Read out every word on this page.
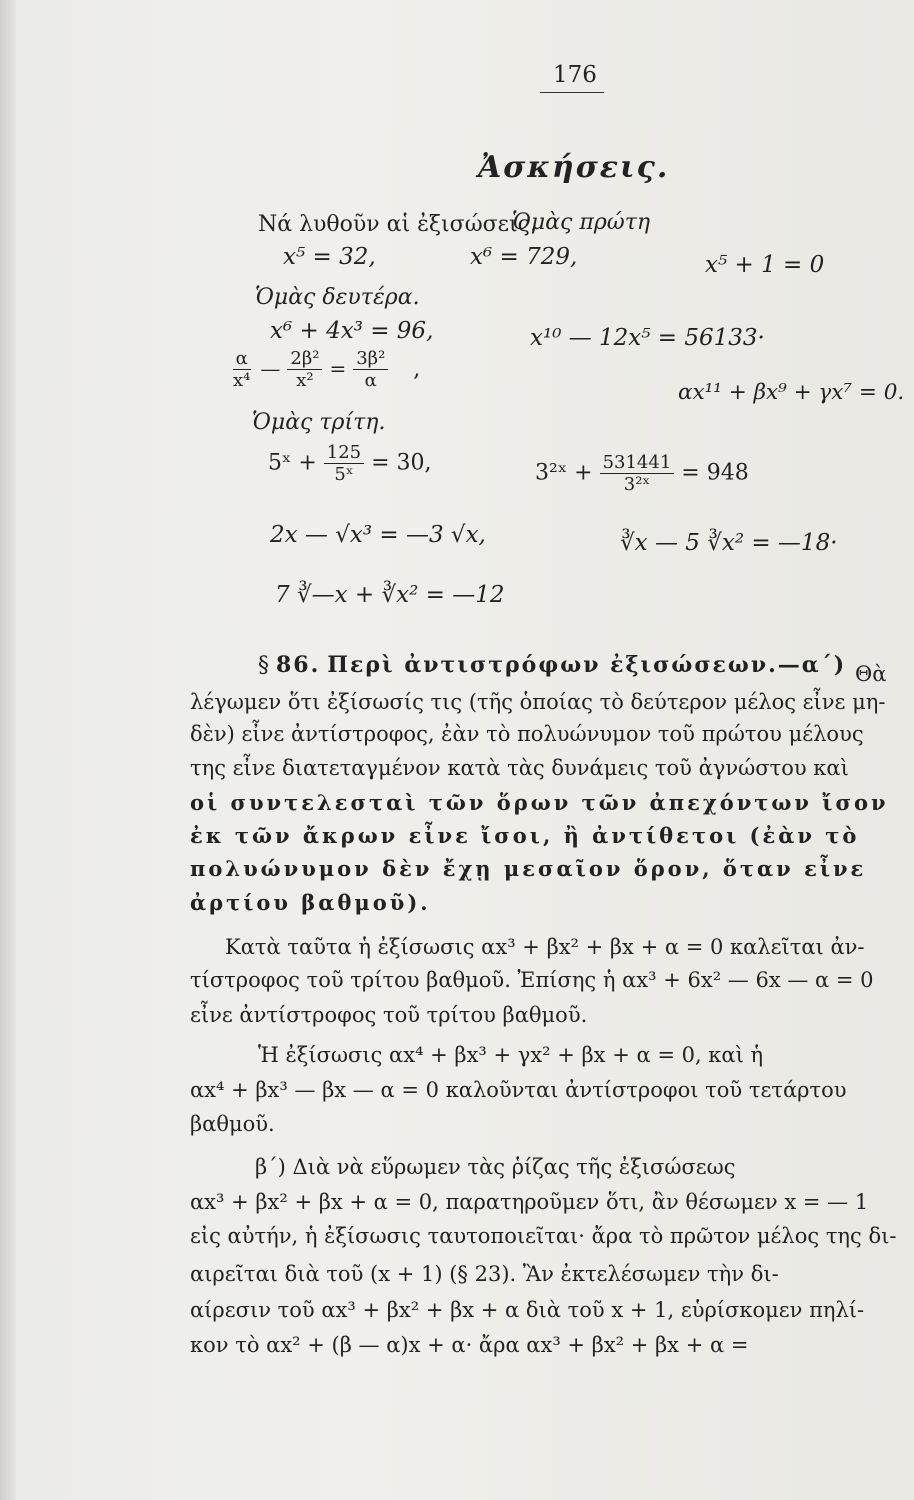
176
Ἀσκήσεις.
Νά λυθοῦν αἱ ἐξισώσεις.
Ὁμὰς πρώτη
x⁵ = 32,	x⁶ = 729,	x⁵ + 1 = 0
Ὁμὰς δευτέρα.
x⁶ + 4x³ = 96,	x¹⁰ — 12x⁵ = 56133·
$\frac{\alpha}{\text{x⁴}}$ — $\frac{\text{2β²}}{\text{x²}} = \frac{\text{3β²}}{\alpha}$ ,
αx¹¹ + βx⁹ + γx⁷ = 0.
Ὁμὰς τρίτη.
5ˣ + $\frac{125}{\text{5ˣ}} = 30$,	3²ˣ + $\frac{531441}{\text{3²ˣ}} = 948$
2x — √x³ = —3 √x,	∛x — 5 ∛x² = —18·
7 ∛—x + ∛x² = —12
§ 86. Περὶ ἀντιστρόφων ἐξισώσεων.—α΄) Θὰ
λέγωμεν ὅτι ἐξίσωσίς τις (τῆς ὁποίας τὸ δεύτερον μέλος εἶνε μη-
δὲν) εἶνε ἀντίστροφος, ἐὰν τὸ πολυώνυμον τοῦ πρώτου μέλους
της εἶνε διατεταγμένον κατὰ τὰς δυνάμεις τοῦ ἀγνώστου καὶ
οἱ συντελεσταὶ τῶν ὅρων τῶν ἀπεχόντων ἴσον
ἐκ τῶν ἄκρων εἶνε ἴσοι, ἢ ἀντίθετοι (ἐὰν τὸ
πολυώνυμον δὲν ἔχῃ μεσαῖον ὅρον, ὅταν εἶνε
ἀρτίου βαθμοῦ).
Κατὰ ταῦτα ἡ ἐξίσωσις αx³ + βx² + βx + α = 0 καλεῖται ἀν-
τίστροφος τοῦ τρίτου βαθμοῦ. Ἐπίσης ἡ αx³ + 6x² — 6x — α = 0
εἶνε ἀντίστροφος τοῦ τρίτου βαθμοῦ.
Ἡ ἐξίσωσις αx⁴ + βx³ + γx² + βx + α = 0, καὶ ἡ
αx⁴ + βx³ — βx — α = 0 καλοῦνται ἀντίστροφοι τοῦ τετάρτου
βαθμοῦ.
β΄) Διὰ νὰ εὕρωμεν τὰς ῥίζας τῆς ἐξισώσεως
αx³ + βx² + βx + α = 0, παρατηροῦμεν ὅτι, ἂν θέσωμεν x = — 1
εἰς αὐτήν, ἡ ἐξίσωσις ταυτοποιεῖται· ἄρα τὸ πρῶτον μέλος της δι-
αιρεῖται διὰ τοῦ (x + 1) (§ 23). Ἂν ἐκτελέσωμεν τὴν δι-
αίρεσιν τοῦ αx³ + βx² + βx + α διὰ τοῦ x + 1, εὑρίσκομεν πηλί-
κον τὸ αx² + (β — α)x + α· ἄρα αx³ + βx² + βx + α =
